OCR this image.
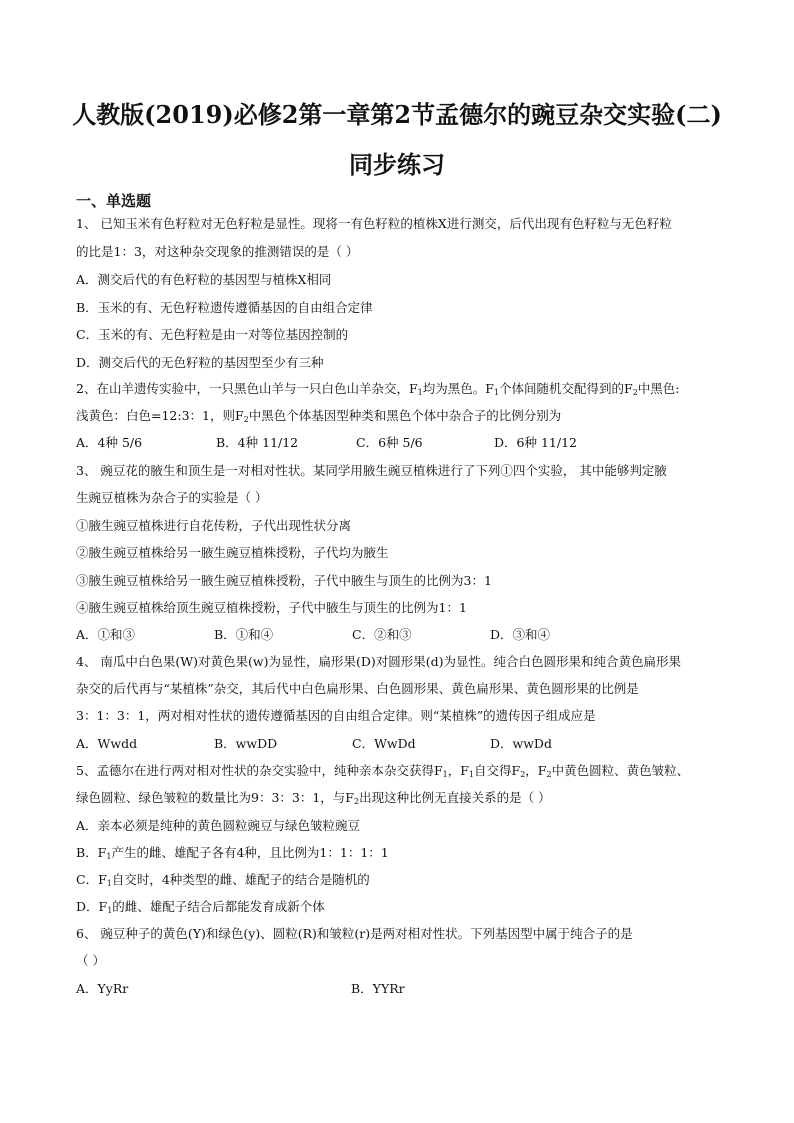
人教版(2019)必修2第一章第2节孟德尔的豌豆杂交实验(二)
同步练习
一、单选题
1、 已知玉米有色籽粒对无色籽粒是显性。现将一有色籽粒的植株X进行测交，后代出现有色籽粒与无色籽粒
的比是1：3，对这种杂交现象的推测错误的是（ ）
A．测交后代的有色籽粒的基因型与植株X相同
B．玉米的有、无色籽粒遗传遵循基因的自由组合定律
C．玉米的有、无色籽粒是由一对等位基因控制的
D．测交后代的无色籽粒的基因型至少有三种
2、在山羊遗传实验中，一只黑色山羊与一只白色山羊杂交，$F_1$均为黑色。$F_1$个体间随机交配得到的$F_2$中黑色:
浅黄色：白色=12:3：1，则$F_2$中黑色个体基因型种类和黑色个体中杂合子的比例分别为
A．4种 5/6	B．4种 11/12	C．6种 5/6	D．6种 11/12
3、 豌豆花的腋生和顶生是一对相对性状。某同学用腋生豌豆植株进行了下列①四个实验， 其中能够判定腋
生豌豆植株为杂合子的实验是（ ）
①腋生豌豆植株进行自花传粉，子代出现性状分离
②腋生豌豆植株给另一腋生豌豆植株授粉，子代均为腋生
③腋生豌豆植株给另一腋生豌豆植株授粉，子代中腋生与顶生的比例为3：1
④腋生豌豆植株给顶生豌豆植株授粉，子代中腋生与顶生的比例为1：1
A．①和③	B．①和④	C．②和③	D．③和④
4、 南瓜中白色果(W)对黄色果(w)为显性，扁形果(D)对圆形果(d)为显性。纯合白色圆形果和纯合黄色扁形果
杂交的后代再与“某植株”杂交，其后代中白色扁形果、白色圆形果、黄色扁形果、黄色圆形果的比例是
3：1：3：1，两对相对性状的遗传遵循基因的自由组合定律。则“某植株”的遗传因子组成应是
A．Wwdd	B．wwDD	C．WwDd	D．wwDd
5、孟德尔在进行两对相对性状的杂交实验中，纯种亲本杂交获得$F_1$，$F_1$自交得$F_2$，$F_2$中黄色圆粒、黄色皱粒、
绿色圆粒、绿色皱粒的数量比为9：3：3：1，与$F_2$出现这种比例无直接关系的是（ ）
A．亲本必须是纯种的黄色圆粒豌豆与绿色皱粒豌豆
B．$F_1$产生的雌、雄配子各有4种，且比例为1：1：1：1
C．$F_1$自交时，4种类型的雌、雄配子的结合是随机的
D．$F_1$的雌、雄配子结合后都能发育成新个体
6、 豌豆种子的黄色(Y)和绿色(y)、圆粒(R)和皱粒(r)是两对相对性状。下列基因型中属于纯合子的是
（ ）
A．YyRr	B．YYRr
